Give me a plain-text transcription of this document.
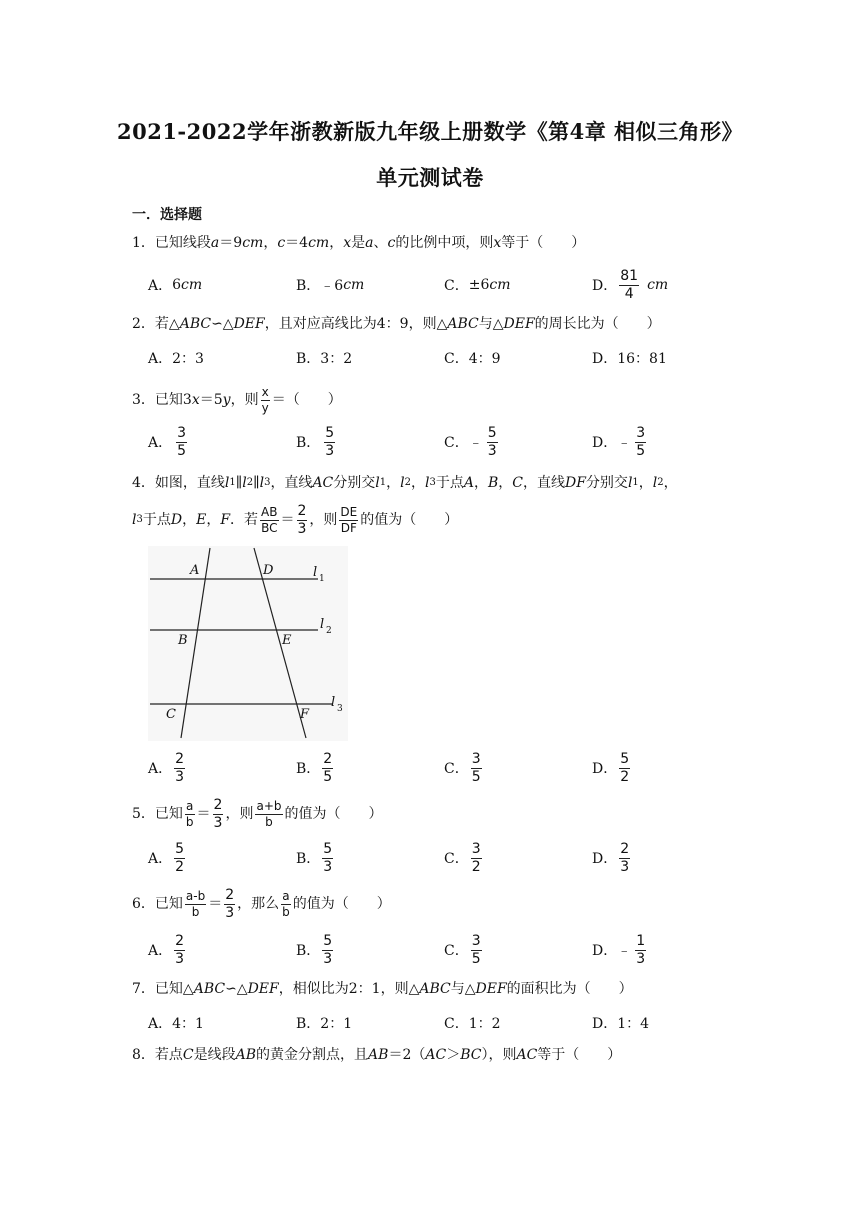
2021-2022学年浙教新版九年级上册数学《第4章 相似三角形》
单元测试卷
一．选择题
1． 已知线段 a ＝9 cm ， c ＝4 cm ， x 是 a 、 c 的比例中项，则 x 等于（　　）
A． 6 cm	B． ﹣6 cm	C． ±6 cm	D． $\frac{81}{4}$ cm
2． 若△ ABC ∽△ DEF ，且对应高线比为4：9，则△ ABC 与△ DEF 的周长比为（　　）
A． 2：3	B． 3：2	C． 4：9	D． 16：81
3． 已知3 x ＝5 y ，则 $\frac{x}{y}$ ＝（　　）
A． $\frac{3}{5}$	B． $\frac{5}{3}$	C． ﹣ $\frac{5}{3}$	D． ﹣ $\frac{3}{5}$
4． 如图，直线 l 1 ∥ l 2 ∥ l 3 ，直线 AC 分别交 l 1 ， l 2 ， l 3 于点 A ， B ， C ，直线 DF 分别交 l 1 ， l 2 ，
l 3 于点 D ， E ， F ．若 $\frac{AB}{BC} = \frac{2}{3}$ ，则 $\frac{DE}{DF}$ 的值为（　　）
A	D
B	E
C	F
l 1
l 2
l 3
A． $\frac{2}{3}$	B． $\frac{2}{5}$	C． $\frac{3}{5}$	D． $\frac{5}{2}$
5． 已知 $\frac{a}{b} = \frac{2}{3}$ ，则 $\frac{a+b}{b}$ 的值为（　　）
A． $\frac{5}{2}$	B． $\frac{5}{3}$	C． $\frac{3}{2}$	D． $\frac{2}{3}$
6． 已知 $\frac{a-b}{b} = \frac{2}{3}$ ，那么 $\frac{a}{b}$ 的值为（　　）
A． $\frac{2}{3}$	B． $\frac{5}{3}$	C． $\frac{3}{5}$	D． ﹣ $\frac{1}{3}$
7． 已知△ ABC ∽△ DEF ，相似比为2：1，则△ ABC 与△ DEF 的面积比为（　　）
A． 4：1	B． 2：1	C． 1：2	D． 1：4
8． 若点 C 是线段 AB 的黄金分割点，且 AB ＝2（ AC ＞ BC ），则 AC 等于（　　）
